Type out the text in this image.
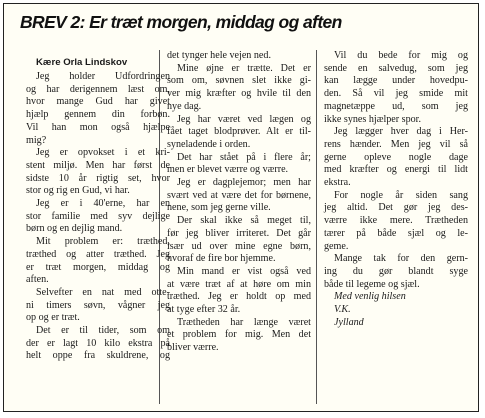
BREV 2: Er træt morgen, middag og aften
Kære Orla Lindskov
Jeg holder Udfordringen
og har derigennem læst om,
hvor mange Gud har givet
hjælp gennem din forbøn.
Vil han mon også hjælpe
mig?
Jeg er opvokset i et kri-
stent miljø. Men har først de
sidste 10 år rigtig set, hvor
stor og rig en Gud, vi har.
Jeg er i 40'erne, har en
stor familie med syv dejlige
børn og en dejlig mand.
Mit problem er: træthed,
træthed og atter træthed. Jeg
er træt morgen, middag og
aften.
Selvefter en nat med otte-
ni timers søvn, vågner jeg
op og er træt.
Det er til tider, som om
der er lagt 10 kilo ekstra på
helt oppe fra skuldrene, og
det tynger hele vejen ned.
Mine øjne er trætte. Det er
som om, søvnen slet ikke gi-
ver mig kræfter og hvile til den
nye dag.
Jeg har været ved lægen og
fået taget blodprøver. Alt er til-
syneladende i orden.
Det har stået på i flere år;
men er blevet værre og værre.
Jeg er dagplejemor; men har
svært ved at være det for børnene,
nene, som jeg gerne ville.
Der skal ikke så meget til,
før jeg bliver irriteret. Det går
især ud over mine egne børn,
hvoraf de fire bor hjemme.
Min mand er vist også ved
at være træt af at høre om min
træthed. Jeg er holdt op med
at tyge efter 32 år.
Trætheden har længe været
et problem for mig. Men det
bliver værre.
Vil du bede for mig og
sende en salvedug, som jeg
kan lægge under hovedpu-
den. Så vil jeg smide mit
magnetæppe ud, som jeg
ikke synes hjælper spor.
Jeg lægger hver dag i Her-
rens hænder. Men jeg vil så
gerne opleve nogle dage
med kræfter og energi til lidt
ekstra.
For nogle år siden sang
jeg altid. Det gør jeg des-
værre ikke mere. Trætheden
tærer på både sjæl og le-
geme.
Mange tak for den gern-
ing du gør blandt syge
både til legeme og sjæl.
Med venlig hilsen
V.K.
Jylland
